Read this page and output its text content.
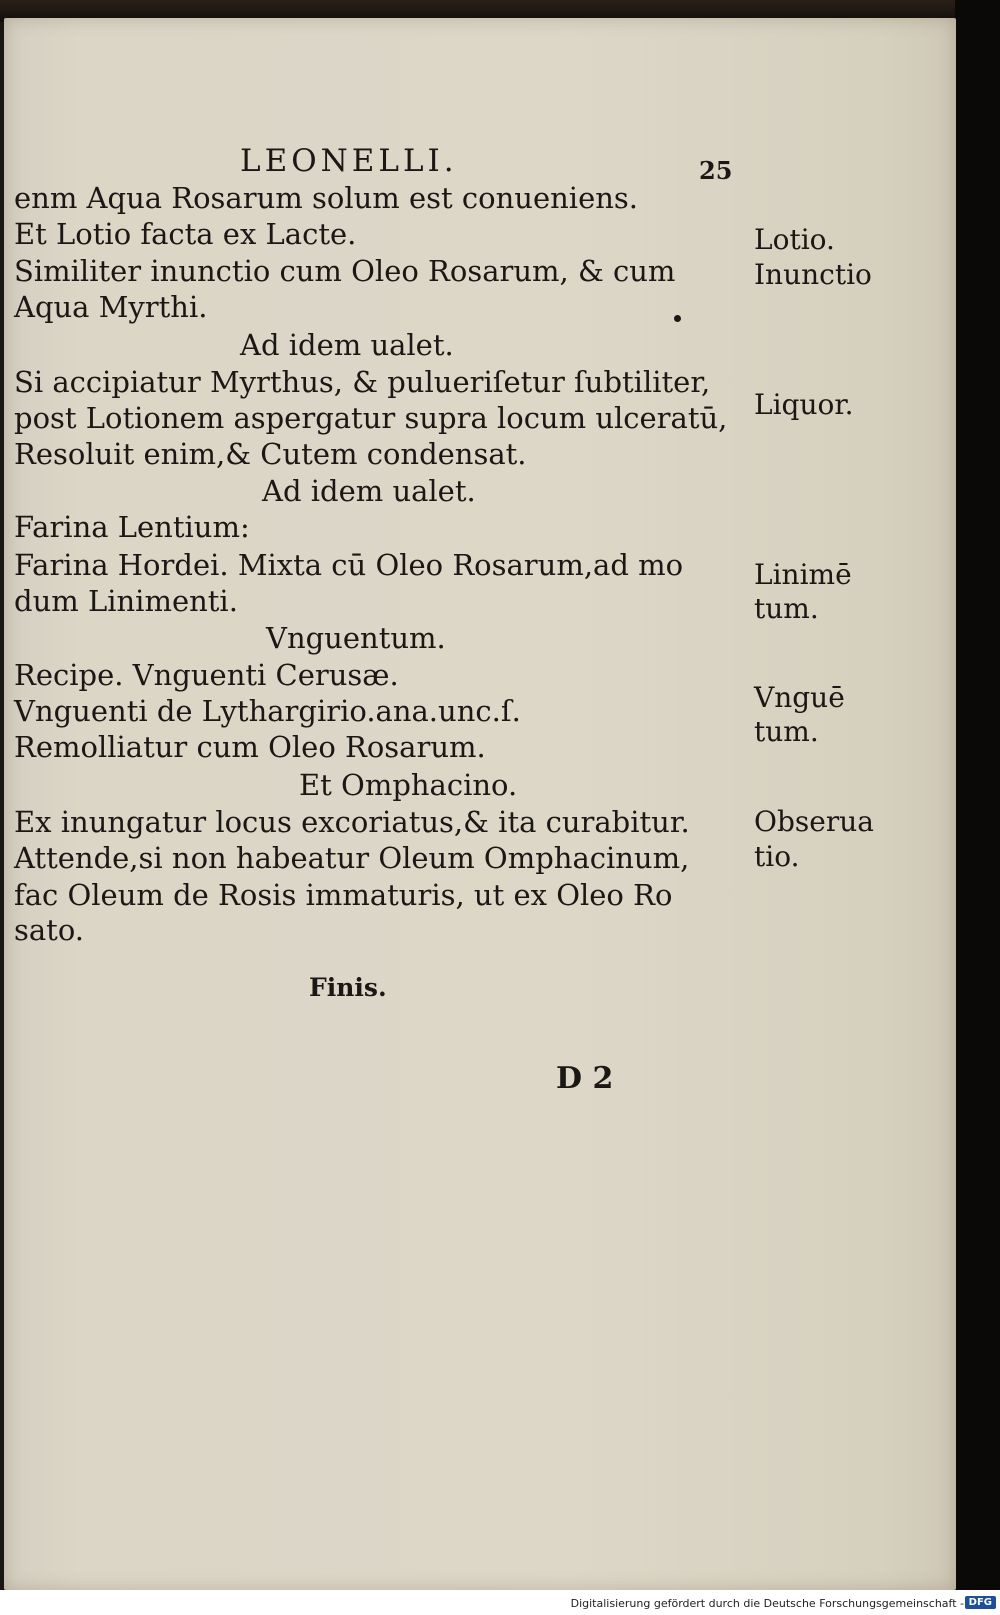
LEONELLI.	25
enm Aqua Rosarum solum est conueniens.
Et Lotio facta ex Lacte.
Similiter inunctio cum Oleo Rosarum, & cum
Aqua Myrthi.
Ad idem ualet.
Si accipiatur Myrthus, & pulueriſetur ſubtiliter,
post Lotionem aspergatur supra locum ulceratū,
Resoluit enim,& Cutem condensat.
Ad idem ualet.
Farina Lentium:
Farina Hordei. Mixta cū Oleo Rosarum,ad mo
dum Linimenti.
Vnguentum.
Recipe. Vnguenti Cerusæ.
Vnguenti de Lythargirio.ana.unc.ſ.
Remolliatur cum Oleo Rosarum.
Et Omphacino.
Ex inungatur locus excoriatus,& ita curabitur.
Attende,si non habeatur Oleum Omphacinum,
fac Oleum de Rosis immaturis, ut ex Oleo Ro
sato.
Lotio.
Inunctio
Liquor.
Linimē
tum.
Vnguē
tum.
Obserua
tio.
Finis.
D 2
Digitalisierung gefördert durch die Deutsche Forschungsgemeinschaft - DFG
